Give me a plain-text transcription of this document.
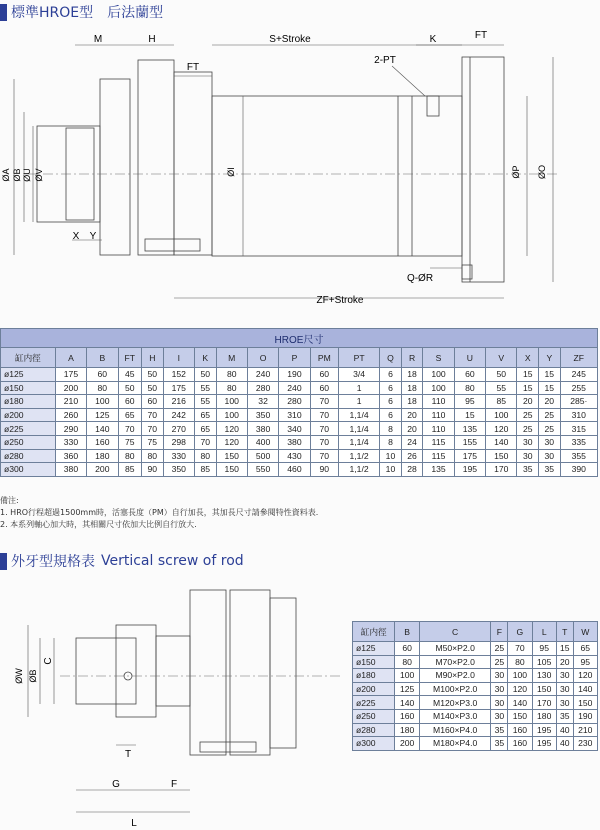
標準HROE型 后法蘭型
M	H	S+Stroke	K	FT
FT
2-PT
ØA ØB ØU ØV	ØI	ØP ØO
X Y
Q-ØR
ZF+Stroke
HROE尺寸																			
缸内徑	A	B	FT	H	I	K	M	O	P	PM	PT	Q	R	S	U	V	X	Y	ZF
ø125	175	60	45	50	152	50	80	240	190	60	3/4	6	18	100	60	50	15	15	245
ø150	200	80	50	50	175	55	80	280	240	60	1	6	18	100	80	55	15	15	255
ø180	210	100	60	60	216	55	100	32	280	70	1	6	18	110	95	85	20	20	285·
ø200	260	125	65	70	242	65	100	350	310	70	1,1/4	6	20	110	15	100	25	25	310
ø225	290	140	70	70	270	65	120	380	340	70	1,1/4	8	20	110	135	120	25	25	315
ø250	330	160	75	75	298	70	120	400	380	70	1,1/4	8	24	115	155	140	30	30	335
ø280	360	180	80	80	330	80	150	500	430	70	1,1/2	10	26	115	175	150	30	30	355
ø300	380	200	85	90	350	85	150	550	460	90	1,1/2	10	28	135	195	170	35	35	390
備注:
1. HRO行程超過1500mm時，活塞長度（PM）自行加長，其加長尺寸請參閱特性資料表.
2. 本系列軸心加大時，其相關尺寸依加大比例自行放大.
外牙型規格表 Vertical screw of rod
ØW ØB
C
T
G	F
L
缸内徑	B	C	F	G	L	T	W
ø125	60	M50×P2.0	25	70	95	15	65
ø150	80	M70×P2.0	25	80	105	20	95
ø180	100	M90×P2.0	30	100	130	30	120
ø200	125	M100×P2.0	30	120	150	30	140
ø225	140	M120×P3.0	30	140	170	30	150
ø250	160	M140×P3.0	30	150	180	35	190
ø280	180	M160×P4.0	35	160	195	40	210
ø300	200	M180×P4.0	35	160	195	40	230
